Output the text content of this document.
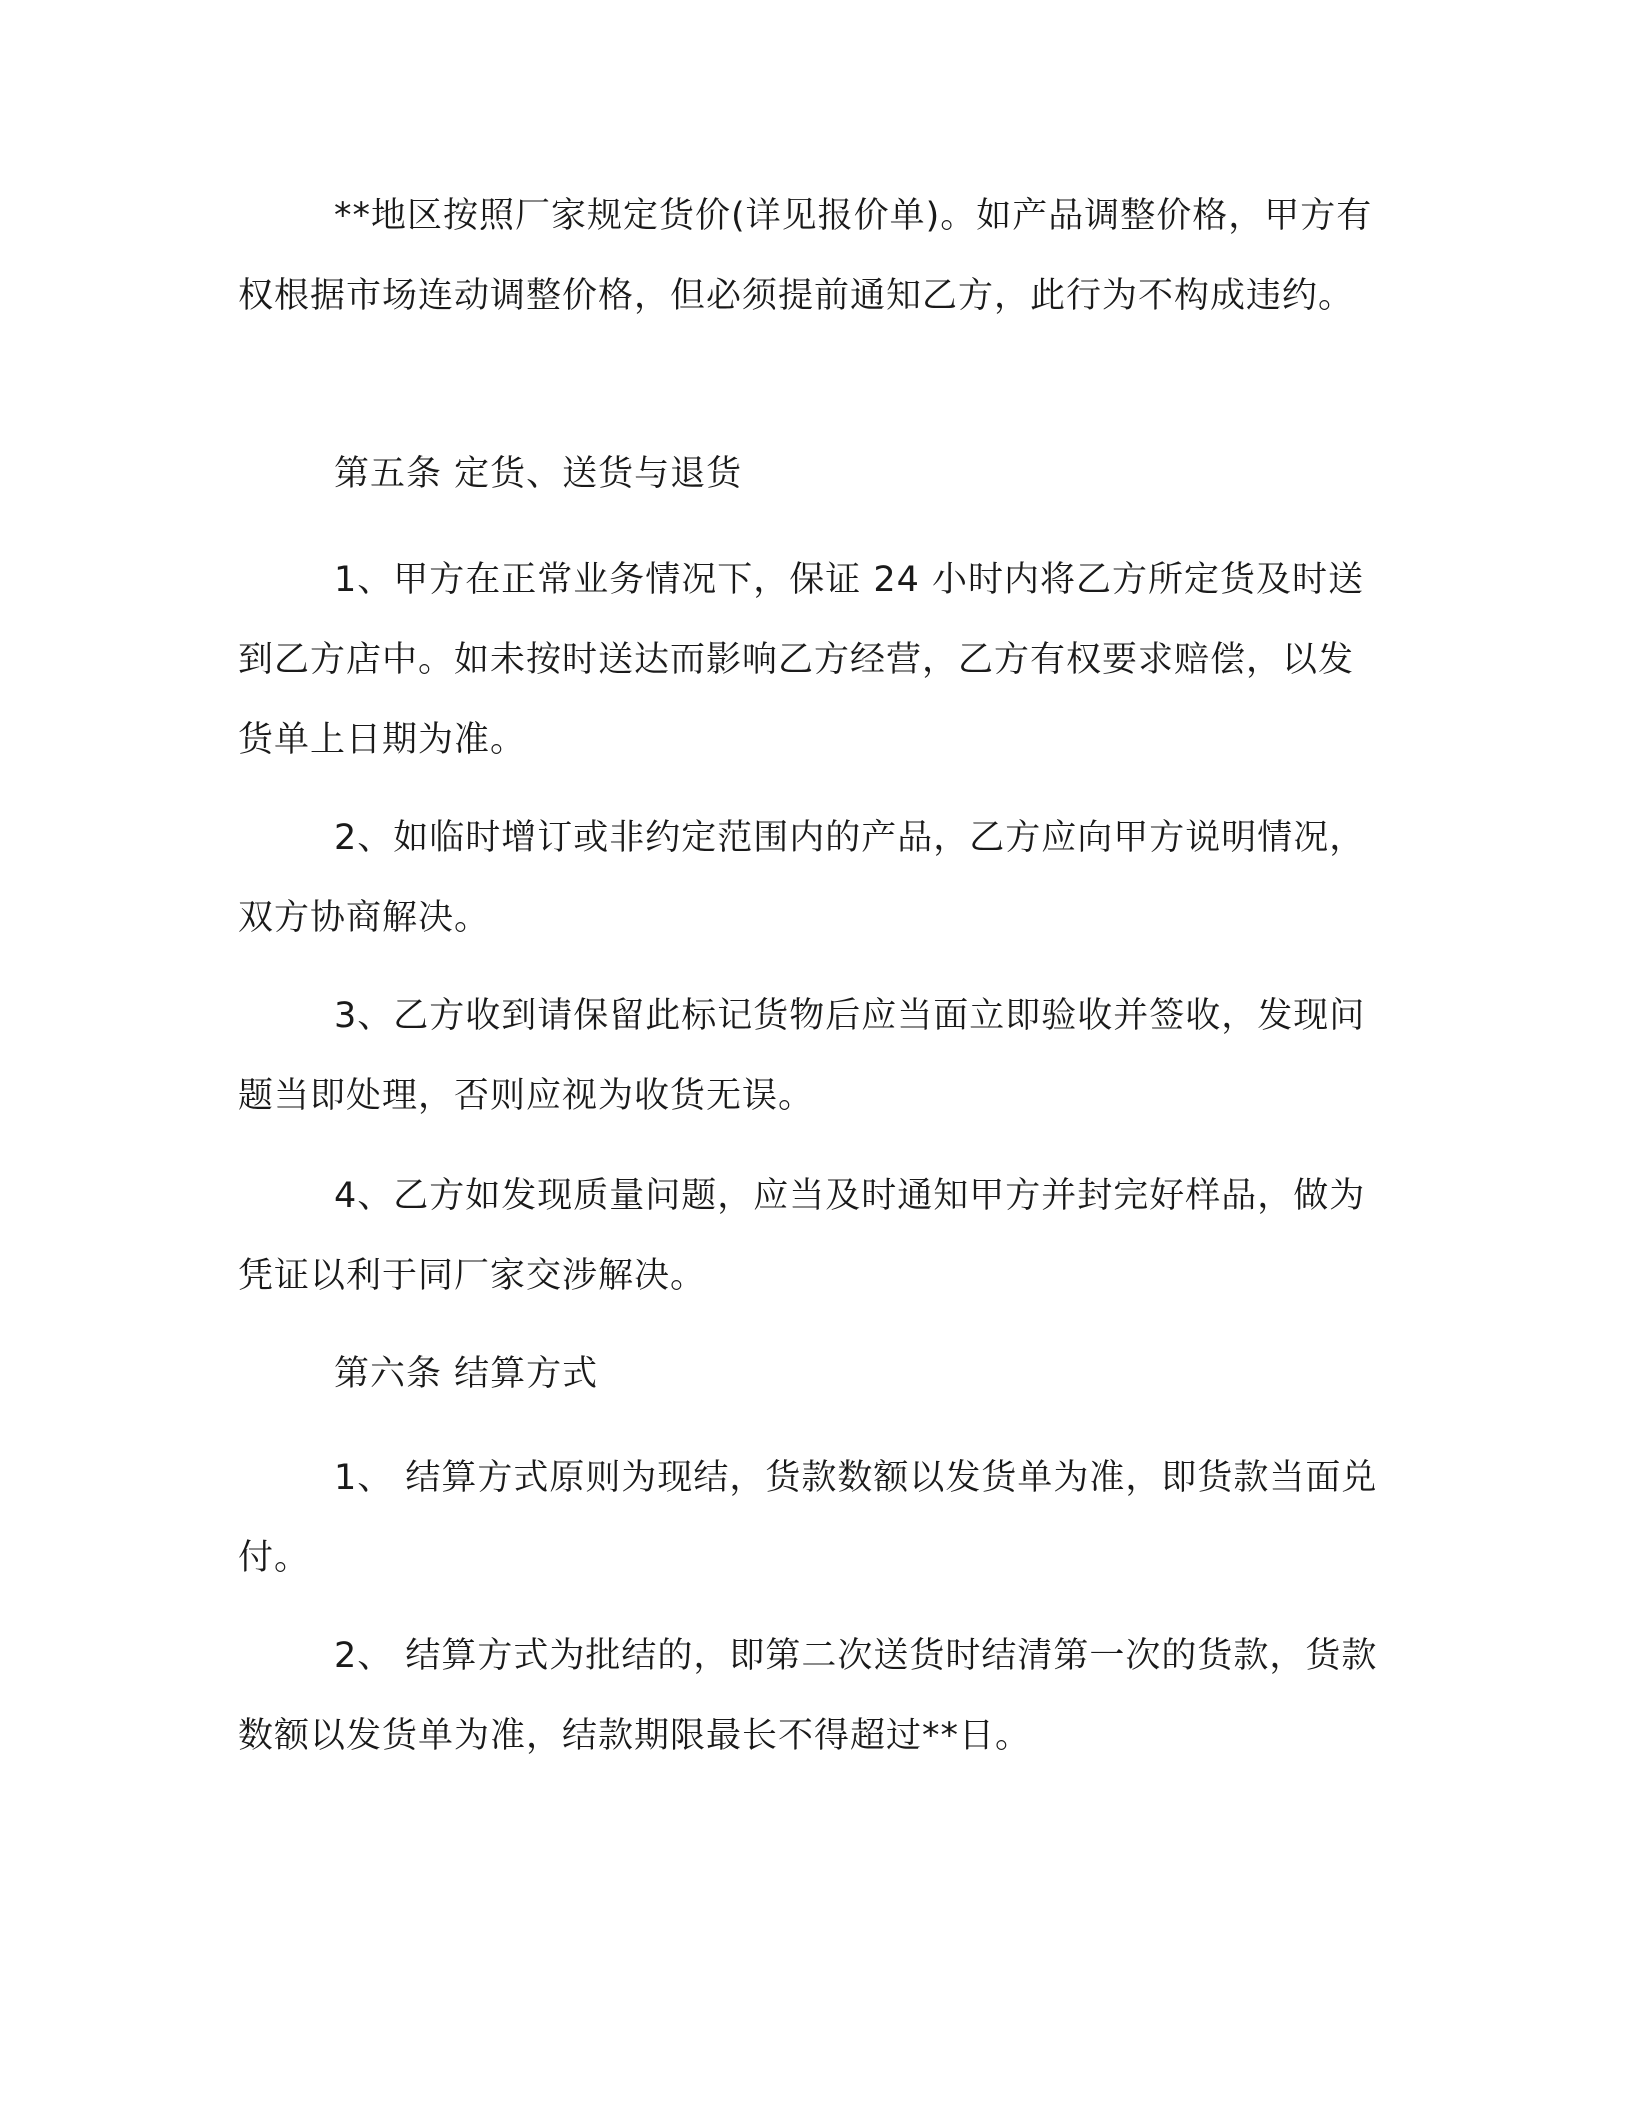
**地区按照厂家规定货价(详见报价单)。如产品调整价格，甲方有权根据市场连动调整价格，但必须提前通知乙方，此行为不构成违约。

第五条 定货、送货与退货

1、甲方在正常业务情况下，保证 24 小时内将乙方所定货及时送到乙方店中。如未按时送达而影响乙方经营，乙方有权要求赔偿，以发货单上日期为准。

2、如临时增订或非约定范围内的产品，乙方应向甲方说明情况，双方协商解决。

3、乙方收到请保留此标记货物后应当面立即验收并签收，发现问题当即处理，否则应视为收货无误。

4、乙方如发现质量问题，应当及时通知甲方并封完好样品，做为凭证以利于同厂家交涉解决。

第六条 结算方式

1、 结算方式原则为现结，货款数额以发货单为准，即货款当面兑付。

2、 结算方式为批结的，即第二次送货时结清第一次的货款，货款数额以发货单为准，结款期限最长不得超过**日。
